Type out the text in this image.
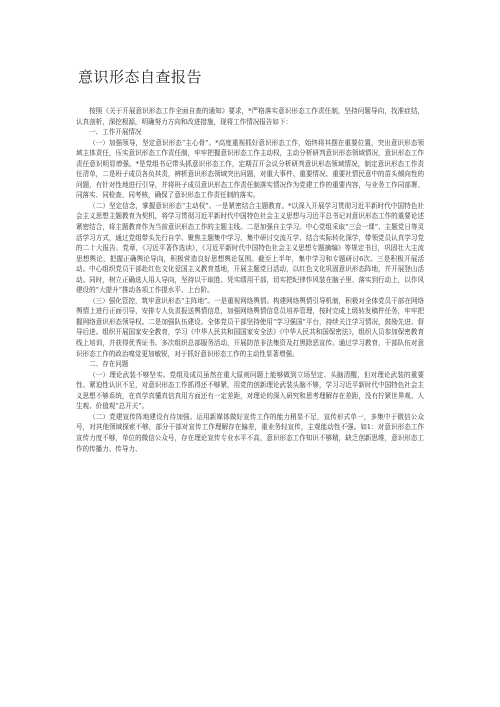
意识形态自查报告

按照《关于开展意识形态工作全面自查的通知》要求，*严格落实意识形态工作责任制，坚持问题导向，找准症结，认真剖析，深挖根源，明确努力方向和改进措施，现将工作情况报告如下：

一、工作开展情况

（一）加强领导，坚定意识形态“主心骨”。*高度重视抓好意识形态工作，始终将其摆在重要位置，突出意识形态领域主体责任，压实意识形态工作责任制，牢牢把握意识形态工作主动权，主动分析研判意识形态领域情况，意识形态工作责任意识明显增强。*是党组书记带头抓意识形态工作，定期召开会议分析研判意识形态领域情况，制定意识形态工作责任清单，二是班子成员各负其责，辨析意识形态领域突出问题，对重大事件、重要情况、重要社情民意中的苗头倾向性的问题，有针对性地进行引导，并将班子成员意识形态工作责任制落实情况作为党建工作的重要内容，与业务工作同部署、同落实、同检查、同考核，确保了意识形态工作责任制的落实。

（二）坚定信念，掌握意识形态“主动权”。一是紧密结合主题教育。*以深入开展学习贯彻习近平新时代中国特色社会主义思想主题教育为契机，将学习贯彻习近平新时代中国特色社会主义思想与习近平总书记对意识形态工作的重要论述紧密结合，将主题教育作为当前意识形态工作的主题主线。二是加强自主学习。中心党组采取“三会一课”、主题党日等灵活学习方式，通过党组带头先行自学、聚焦主题集中学习、集中研讨交流互学、结合实际转化深学，带领党员认真学习党的二十大报告、党章，《习近平著作选读》，《习近平新时代中国特色社会主义思想专题摘编》等规定书目，巩固壮大主流思想舆论，把握正确舆论导向，积极营造良好思想舆论氛围。截至上半年，集中学习和专题研讨6次。三是积极开展活动。中心组织党员干部赴红色文化爱国主义教育基地，开展主题党日活动，以红色文化巩固意识形态阵地，并开展登山活动。同时，树立正确选人用人导向，坚持以干取胜、凭实绩用干部，切实把纪律作风装在脑子里、落实到行动上，以作风建设的“大提升”推动各项工作提水平、上台阶。

（三）强化管控，筑牢意识形态“主阵地”。一是重视网络舆情。构建网络舆情引导机制，积极对全体党员干部在网络舆情上进行正面引导，安排专人负责报送舆情信息，加强网络舆情信息员培养管理，按时完成上级转发稿件任务，牢牢把握网络意识形态领导权。二是加强队伍建设。全体党员干部坚持使用“学习强国”平台，持续关注学习情况，鼓励先进、督导后进。组织开展国家安全教育，学习《中华人民共和国国家安全法》《中华人民共和国保密法》，组织人员参加保密教育线上培训，并获得优秀证书。多次组织总部服务活动，开展防范非法集资及打黑除恶宣传。通过学习教育，干部队伍对意识形态工作的政治嗅觉更加敏锐，对于抓好意识形态工作的主动性显著增强。

二、存在问题

（一）理论武装不够坚实。党组及成员虽然在重大原则问题上能够做到立场坚定、头脑清醒，但对理论武装的重要性、紧迫性认识不足，对意识形态工作抓得还不够紧，用党的创新理论武装头脑不够，学习习近平新时代中国特色社会主义思想不够系统，在真学真懂真信真用方面还有一定差距，对理论的深入研究和思考理解存在差距，没有拧紧世界观、人生观、价值观“总开关”。

（二）党建宣传阵地建设有待加强。运用新媒体做好宣传工作的能力稍显不足，宣传形式单一，多集中于微信公众号，对其他领域探索不够，部分干部对宣传工作理解存在偏差，重业务轻宣传，主观能动性不强。如1：对意识形态工作宣传力度不够，单位的微信公众号，存在理论宣传专业水平不高，意识形态工作知识不够精，缺乏创新思维，意识形态工作的传播力、传导力、
